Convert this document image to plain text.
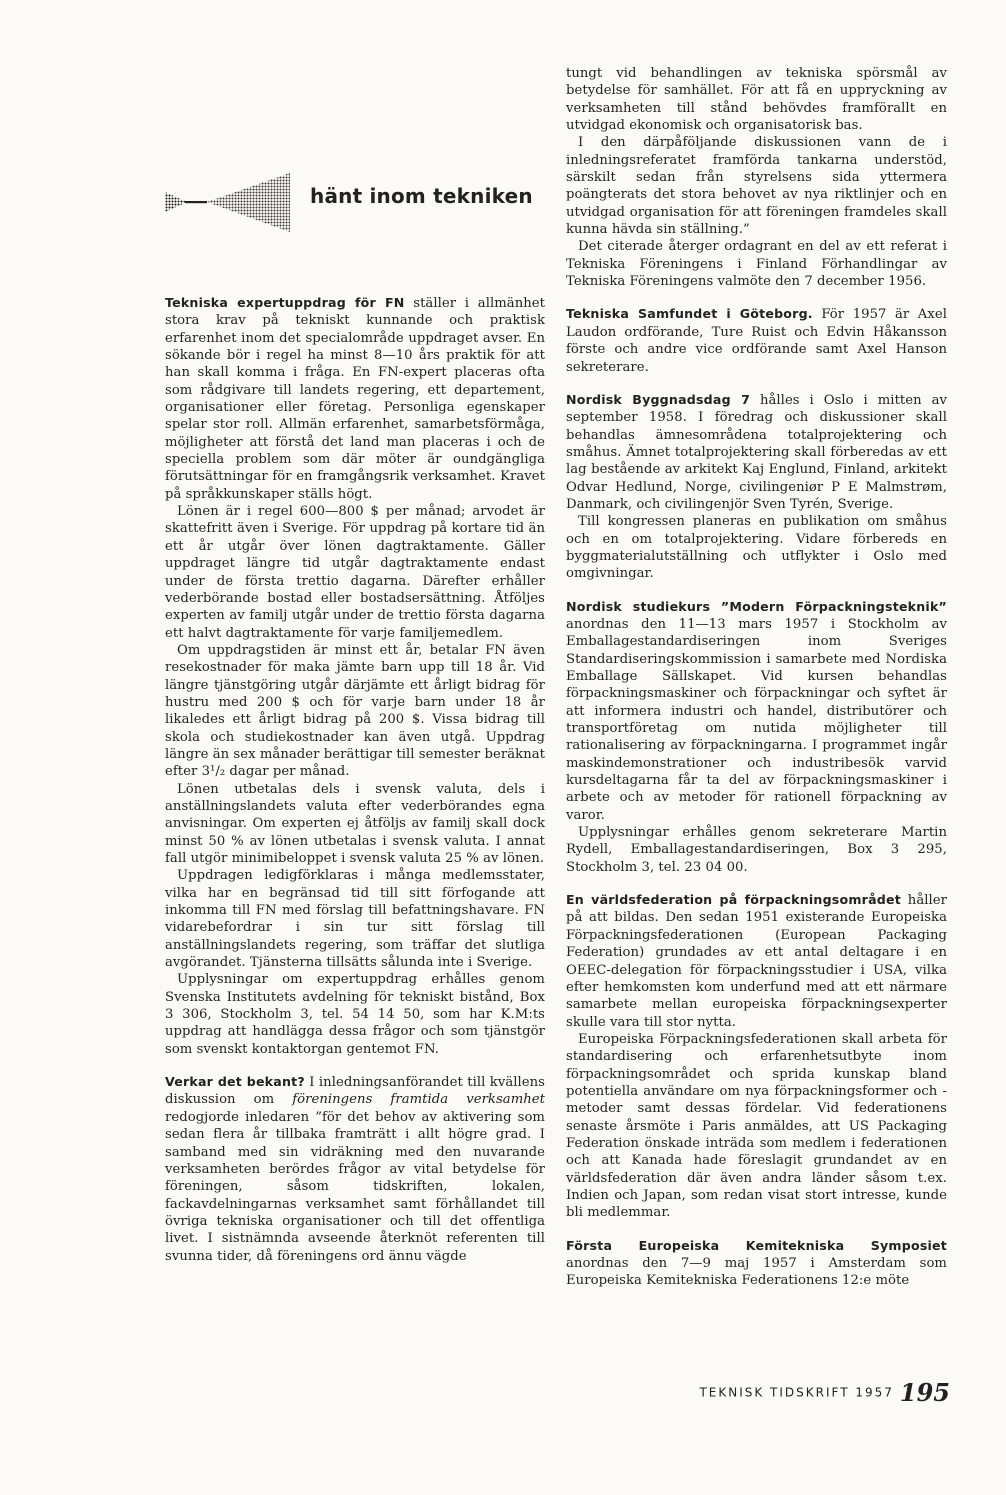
hänt inom tekniken

Tekniska expertuppdrag för FN ställer i allmänhet stora krav på tekniskt kunnande och praktisk erfarenhet inom det specialområde uppdraget avser. En sökande bör i regel ha minst 8—10 års praktik för att han skall komma i fråga. En FN-expert placeras ofta som rådgivare till landets regering, ett departement, organisationer eller företag. Personliga egenskaper spelar stor roll. Allmän erfarenhet, samarbetsförmåga, möjligheter att förstå det land man placeras i och de speciella problem som där möter är oundgängliga förutsättningar för en framgångsrik verksamhet. Kravet på språkkunskaper ställs högt.

Lönen är i regel 600—800 $ per månad; arvodet är skattefritt även i Sverige. För uppdrag på kortare tid än ett år utgår över lönen dagtraktamente. Gäller uppdraget längre tid utgår dagtraktamente endast under de första trettio dagarna. Därefter erhåller vederbörande bostad eller bostadsersättning. Åtföljes experten av familj utgår under de trettio första dagarna ett halvt dagtraktamente för varje familjemedlem.

Om uppdragstiden är minst ett år, betalar FN även resekostnader för maka jämte barn upp till 18 år. Vid längre tjänstgöring utgår därjämte ett årligt bidrag för hustru med 200 $ och för varje barn under 18 år likaledes ett årligt bidrag på 200 $. Vissa bidrag till skola och studiekostnader kan även utgå. Uppdrag längre än sex månader berättigar till semester beräknat efter 3¹/₂ dagar per månad.

Lönen utbetalas dels i svensk valuta, dels i anställningslandets valuta efter vederbörandes egna anvisningar. Om experten ej åtföljs av familj skall dock minst 50 % av lönen utbetalas i svensk valuta. I annat fall utgör minimibeloppet i svensk valuta 25 % av lönen.

Uppdragen ledigförklaras i många medlemsstater, vilka har en begränsad tid till sitt förfogande att inkomma till FN med förslag till befattningshavare. FN vidarebefordrar i sin tur sitt förslag till anställningslandets regering, som träffar det slutliga avgörandet. Tjänsterna tillsätts sålunda inte i Sverige.

Upplysningar om expertuppdrag erhålles genom Svenska Institutets avdelning för tekniskt bistånd, Box 3 306, Stockholm 3, tel. 54 14 50, som har K.M:ts uppdrag att handlägga dessa frågor och som tjänstgör som svenskt kontaktorgan gentemot FN.

Verkar det bekant? I inledningsanförandet till kvällens diskussion om föreningens framtida verksamhet redogjorde inledaren ”för det behov av aktivering som sedan flera år tillbaka framträtt i allt högre grad. I samband med sin vidräkning med den nuvarande verksamheten berördes frågor av vital betydelse för föreningen, såsom tidskriften, lokalen, fackavdelningarnas verksamhet samt förhållandet till övriga tekniska organisationer och till det offentliga livet. I sistnämnda avseende återknöt referenten till svunna tider, då föreningens ord ännu vägde

tungt vid behandlingen av tekniska spörsmål av betydelse för samhället. För att få en uppryckning av verksamheten till stånd behövdes framförallt en utvidgad ekonomisk och organisatorisk bas.

I den därpåföljande diskussionen vann de i inledningsreferatet framförda tankarna understöd, särskilt sedan från styrelsens sida yttermera poängterats det stora behovet av nya riktlinjer och en utvidgad organisation för att föreningen framdeles skall kunna hävda sin ställning.”

Det citerade återger ordagrant en del av ett referat i Tekniska Föreningens i Finland Förhandlingar av Tekniska Föreningens valmöte den 7 december 1956.

Tekniska Samfundet i Göteborg. För 1957 är Axel Laudon ordförande, Ture Ruist och Edvin Håkansson förste och andre vice ordförande samt Axel Hanson sekreterare.

Nordisk Byggnadsdag 7 hålles i Oslo i mitten av september 1958. I föredrag och diskussioner skall behandlas ämnesområdena totalprojektering och småhus. Ämnet totalprojektering skall förberedas av ett lag bestående av arkitekt Kaj Englund, Finland, arkitekt Odvar Hedlund, Norge, civilingeniør P E Malmstrøm, Danmark, och civilingenjör Sven Tyrén, Sverige.

Till kongressen planeras en publikation om småhus och en om totalprojektering. Vidare förbereds en byggmaterialutställning och utflykter i Oslo med omgivningar.

Nordisk studiekurs ”Modern Förpackningsteknik” anordnas den 11—13 mars 1957 i Stockholm av Emballagestandardiseringen inom Sveriges Standardiseringskommission i samarbete med Nordiska Emballage Sällskapet. Vid kursen behandlas förpackningsmaskiner och förpackningar och syftet är att informera industri och handel, distributörer och transportföretag om nutida möjligheter till rationalisering av förpackningarna. I programmet ingår maskindemonstrationer och industribesök varvid kursdeltagarna får ta del av förpackningsmaskiner i arbete och av metoder för rationell förpackning av varor.

Upplysningar erhålles genom sekreterare Martin Rydell, Emballagestandardiseringen, Box 3 295, Stockholm 3, tel. 23 04 00.

En världsfederation på förpackningsområdet håller på att bildas. Den sedan 1951 existerande Europeiska Förpackningsfederationen (European Packaging Federation) grundades av ett antal deltagare i en OEEC-delegation för förpackningsstudier i USA, vilka efter hemkomsten kom underfund med att ett närmare samarbete mellan europeiska förpackningsexperter skulle vara till stor nytta.

Europeiska Förpackningsfederationen skall arbeta för standardisering och erfarenhetsutbyte inom förpackningsområdet och sprida kunskap bland potentiella användare om nya förpackningsformer och -metoder samt dessas fördelar. Vid federationens senaste årsmöte i Paris anmäldes, att US Packaging Federation önskade inträda som medlem i federationen och att Kanada hade föreslagit grundandet av en världsfederation där även andra länder såsom t.ex. Indien och Japan, som redan visat stort intresse, kunde bli medlemmar.

Första Europeiska Kemitekniska Symposiet anordnas den 7—9 maj 1957 i Amsterdam som Europeiska Kemitekniska Federationens 12:e möte

TEKNISK TIDSKRIFT 1957 195
